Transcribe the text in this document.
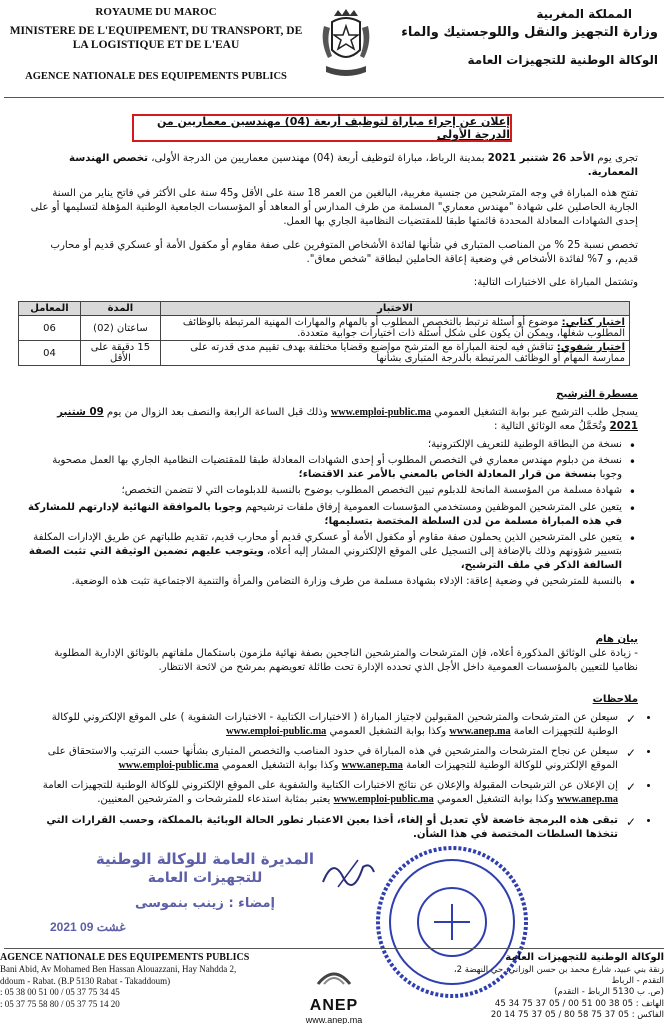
ROYAUME DU MAROC
MINISTERE DE L'EQUIPEMENT, DU TRANSPORT, DE LA LOGISTIQUE ET DE L'EAU
AGENCE NATIONALE DES EQUIPEMENTS PUBLICS
المملكة المغربية
وزارة التجهيز والنقل واللوجستيك والماء
الوكالة الوطنية للتجهيزات العامة
إعلان عن إجراء مباراة لتوظيف أربعة (04) مهندسين معماريين من الدرجة الأولى
تجرى يوم الأحد 26 شتنبر 2021 بمدينة الرباط، مباراة لتوظيف أربعة (04) مهندسين معماريين من الدرجة الأولى، تخصص الهندسة المعمارية.
تفتح هذه المباراة في وجه المترشحين من جنسية مغربية، البالغين من العمر 18 سنة على الأقل و45 سنة على الأكثر في فاتح يناير من السنة الجارية الحاصلين على شهادة "مهندس معماري" المسلمة من طرف المدارس أو المعاهد أو المؤسسات الجامعية الوطنية المؤهلة لتسليمها أو على إحدى الشهادات المعادلة المحددة قائمتها طبقا للمقتضيات النظامية الجاري بها العمل.
تخصص نسبة 25 % من المناصب المتبارى في شأنها لفائدة الأشخاص المتوفرين على صفة مقاوم أو مكفول الأمة أو عسكري قديم أو محارب قديم، و 7% لفائدة الأشخاص في وضعية إعاقة الحاملين لبطاقة "شخص معاق".
وتشتمل المباراة على الاختبارات التالية:
الاختبار	المدة	المعامل
اختبار كتابي: موضوع أو أسئلة ترتبط بالتخصص المطلوب أو بالمهام والمهارات المهنية المرتبطة بالوظائف المطلوب شغلها، ويمكن أن يكون على شكل أسئلة ذات اختيارات جوابية متعددة.	ساعتان (02)	06
اختبار شفوي: تناقش فيه لجنة المباراة مع المترشح مواضيع وقضايا مختلفة بهدف تقييم مدى قدرته على ممارسة المهام أو الوظائف المرتبطة بالدرجة المتبارى بشأنها	15 دقيقة على الأقل	04
مسطرة الترشيح
يسجل طلب الترشيح عبر بوابة التشغيل العمومي www.emploi-public.ma وذلك قبل الساعة الرابعة والنصف بعد الزوال من يوم 09 شتنبر 2021 وتُحَمَّلُ معه الوثائق التالية :
• نسخة من البطاقة الوطنية للتعريف الإلكترونية؛
• نسخة من دبلوم مهندس معماري في التخصص المطلوب أو إحدى الشهادات المعادلة طبقا للمقتضيات النظامية الجاري بها العمل مصحوبة وجوبا بنسخة من قرار المعادلة الخاص بالمعني بالأمر عند الاقتضاء؛
• شهادة مسلمة من المؤسسة المانحة للدبلوم تبين التخصص المطلوب بوضوح بالنسبة للدبلومات التي لا تتضمن التخصص؛
• يتعين على المترشحين الموظفين ومستخدمي المؤسسات العمومية إرفاق ملفات ترشيحهم وجوبا بالموافقة النهائية لإدارتهم للمشاركة في هذه المباراة مسلمة من لدن السلطة المختصة بتسليمها؛
• يتعين على المترشحين الذين يحملون صفة مقاوم أو مكفول الأمة أو عسكري قديم أو محارب قديم، تقديم طلباتهم عن طريق الإدارات المكلفة بتسيير شؤونهم وذلك بالإضافة إلى التسجيل على الموقع الإلكتروني المشار إليه أعلاه، ويتوجب عليهم تضمين الوثيقة التي تثبت الصفة السالفة الذكر في ملف الترشيح،
• بالنسبة للمترشحين في وضعية إعاقة: الإدلاء بشهادة مسلمة من طرف وزارة التضامن والمرأة والتنمية الاجتماعية تثبت هذه الوضعية.
بيان هام
- زيادة على الوثائق المذكورة أعلاه، فإن المترشحات والمترشحين الناجحين بصفة نهائية ملزمون باستكمال ملفاتهم بالوثائق الإدارية المطلوبة نظاميا للتعيين بالمؤسسات العمومية داخل الأجل الذي تحدده الإدارة تحت طائلة تعويضهم بمرشح من لائحة الانتظار.
ملاحظات
✓ • سيعلن عن المترشحات والمترشحين المقبولين لاجتياز المباراة ( الاختبارات الكتابية - الاختبارات الشفوية ) على الموقع الإلكتروني للوكالة الوطنية للتجهيزات العامة www.anep.ma وكذا بوابة التشغيل العمومي www.emploi-public.ma
✓ • سيعلن عن نجاح المترشحات والمترشحين في هذه المباراة في حدود المناصب والتخصص المتبارى بشأنها حسب الترتيب والاستحقاق على الموقع الإلكتروني للوكالة الوطنية للتجهيزات العامة www.anep.ma وكذا بوابة التشغيل العمومي www.emploi-public.ma
✓ • إن الإعلان عن الترشيحات المقبولة والإعلان عن نتائج الاختبارات الكتابية والشفوية على الموقع الإلكتروني للوكالة الوطنية للتجهيزات العامة www.anep.ma وكذا بوابة التشغيل العمومي www.emploi-public.ma يعتبر بمثابة استدعاء للمترشحات و المترشحين المعنيين.
✓ • تبقى هذه البرمجة خاضعة لأي تعديل أو إلغاء، أخذا بعين الاعتبار تطور الحالة الوبائية بالمملكة، وحسب القرارات التي تتخذها السلطات المختصة في هذا الشأن.
المديرة العامة للوكالة الوطنية
للتجهيزات العامة
إمضاء : زينب بنموسى
2021 غشت 09
AGENCE NATIONALE DES EQUIPEMENTS PUBLICS
Bani Abid, Av Mohamed Ben Hassan Alouazzani, Hay Nahdda 2,
ddoum - Rabat. (B.P 5130 Rabat - Takaddoum)
: 05 38 00 51 00 / 05 37 75 34 45
: 05 37 75 58 80 / 05 37 75 14 20	ANEP
www.anep.ma
الوكالة الوطنية للتجهيزات العامة
زنقة بني عبيد، شارع محمد بن حسن الوزاني، حي النهضة 2، التقدم - الرباط
(ص. ب 5130 الرباط - التقدم)
الهاتف : 05 38 00 51 00 / 05 37 75 34 45
الفاكس : 05 37 75 58 80 / 05 37 75 14 20
